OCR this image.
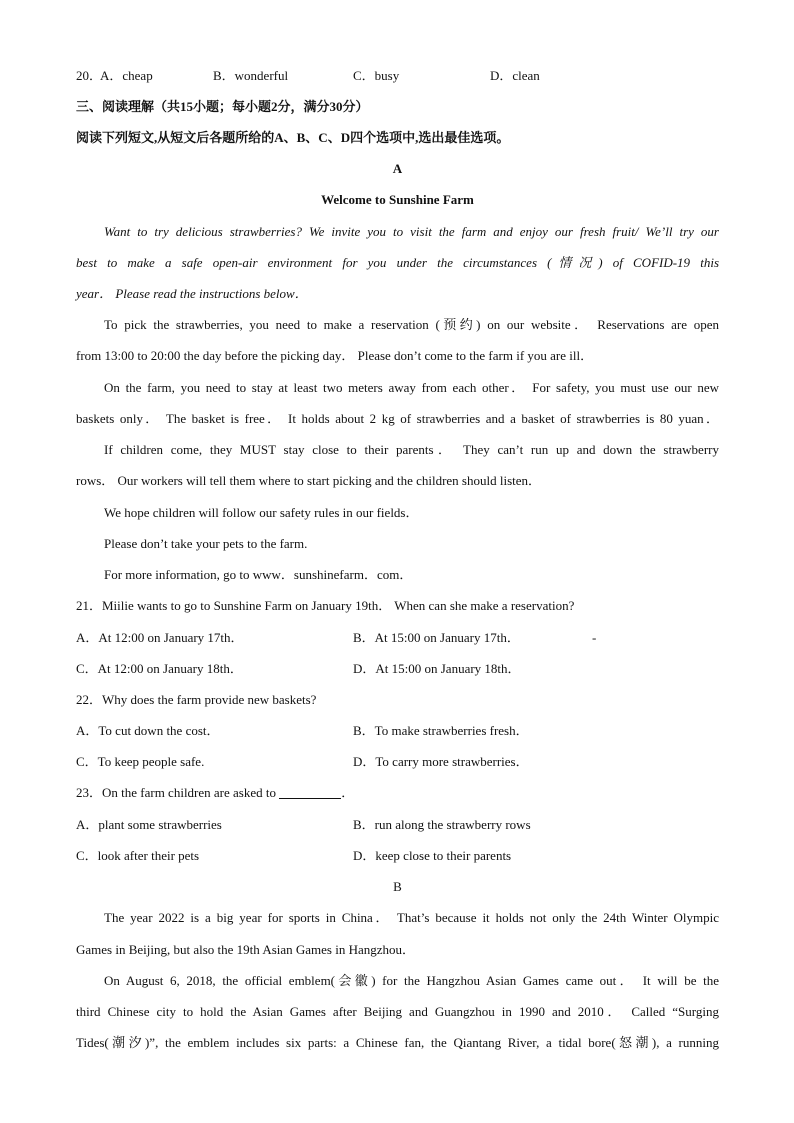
20．
A．cheap	B．wonderful	C．busy	D．clean
三、阅读理解（共15小题；每小题2分，满分30分）
阅读下列短文,从短文后各题所给的A、B、C、D四个选项中,选出最佳选项。
A
Welcome to Sunshine Farm
Want to try delicious strawberries? We invite you to visit the farm and enjoy our fresh fruit/ We’ll try our
best to make a safe open-air environment for you under the circumstances (情况) of COFID-19 this
year． Please read the instructions below．
To pick the strawberries, you need to make a reservation (预约) on our website． Reservations are open
from 13:00 to 20:00 the day before the picking day． Please don’t come to the farm if you are ill．
On the farm, you need to stay at least two meters away from each other． For safety, you must use our new
baskets only． The basket is free． It holds about 2 kg of strawberries and a basket of strawberries is 80 yuan．
If children come, they MUST stay close to their parents． They can’t run up and down the strawberry
rows． Our workers will tell them where to start picking and the children should listen．
We hope children will follow our safety rules in our fields．
Please don’t take your pets to the farm.
For more information, go to www．sunshinefarm．com．
21．Miilie wants to go to Sunshine Farm on January 19th． When can she make a reservation?
A．At 12:00 on January 17th．	B．At 15:00 on January 17th．	-
C．At 12:00 on January 18th．	D．At 15:00 on January 18th．
22．Why does the farm provide new baskets?
A．To cut down the cost．	B．To make strawberries fresh．
C．To keep people safe.	D．To carry more strawberries．
23．On the farm children are asked to	．
A．plant some strawberries	B．run along the strawberry rows
C．look after their pets	D．keep close to their parents
B
The year 2022 is a big year for sports in China． That’s because it holds not only the 24th Winter Olympic
Games in Beijing, but also the 19th Asian Games in Hangzhou．
On August 6, 2018, the official emblem(会徽) for the Hangzhou Asian Games came out． It will be the
third Chinese city to hold the Asian Games after Beijing and Guangzhou in 1990 and 2010． Called “Surging
Tides(潮汐)”, the emblem includes six parts: a Chinese fan, the Qiantang River, a tidal bore(怒潮), a running
